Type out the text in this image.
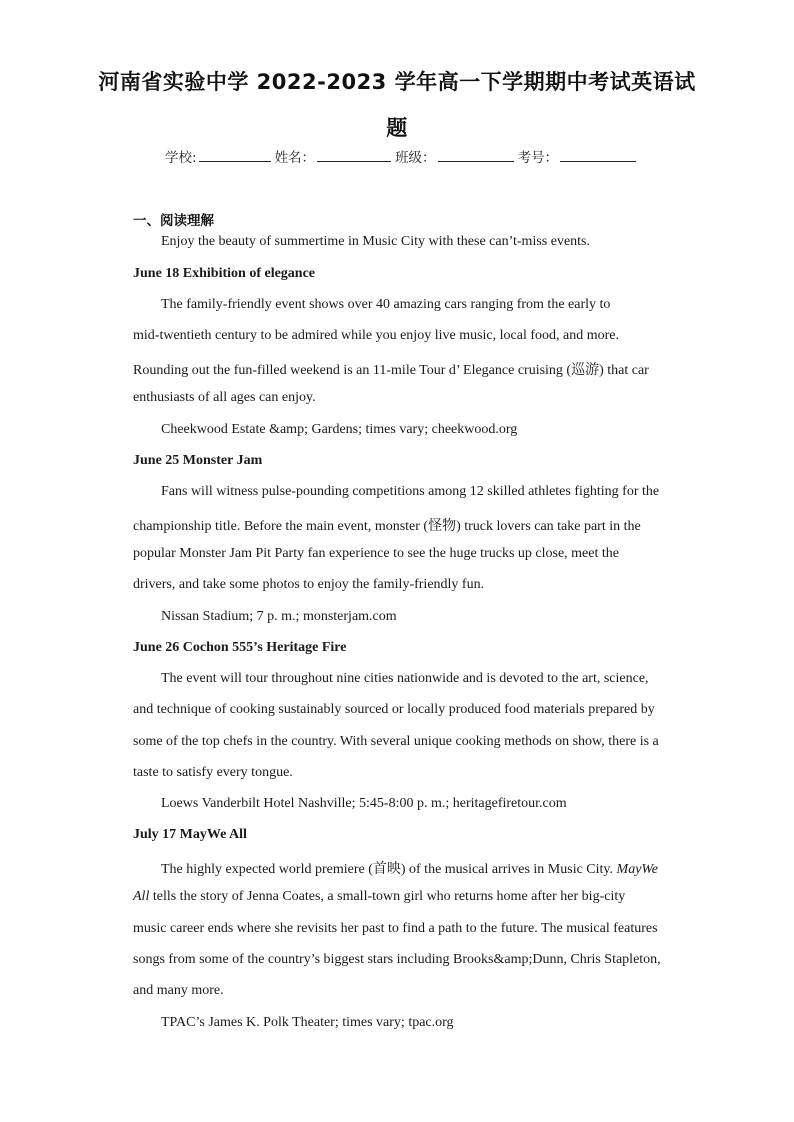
河南省实验中学 2022-2023 学年高一下学期期中考试英语试
题
学校:	姓名：	班级：	考号：
一、阅读理解
Enjoy the beauty of summertime in Music City with these can’t-miss events.
June 18 Exhibition of elegance
The family-friendly event shows over 40 amazing cars ranging from the early to
mid-twentieth century to be admired while you enjoy live music, local food, and more.
Rounding out the fun-filled weekend is an 11-mile Tour d’ Elegance cruising (巡游) that car
enthusiasts of all ages can enjoy.
Cheekwood Estate &amp; Gardens; times vary; cheekwood.org
June 25 Monster Jam
Fans will witness pulse-pounding competitions among 12 skilled athletes fighting for the
championship title. Before the main event, monster (怪物) truck lovers can take part in the
popular Monster Jam Pit Party fan experience to see the huge trucks up close, meet the
drivers, and take some photos to enjoy the family-friendly fun.
Nissan Stadium; 7 p. m.; monsterjam.com
June 26 Cochon 555’s Heritage Fire
The event will tour throughout nine cities nationwide and is devoted to the art, science,
and technique of cooking sustainably sourced or locally produced food materials prepared by
some of the top chefs in the country. With several unique cooking methods on show, there is a
taste to satisfy every tongue.
Loews Vanderbilt Hotel Nashville; 5:45-8:00 p. m.; heritagefiretour.com
July 17 MayWe All
The highly expected world premiere (首映) of the musical arrives in Music City. MayWe
All tells the story of Jenna Coates, a small-town girl who returns home after her big-city
music career ends where she revisits her past to find a path to the future. The musical features
songs from some of the country’s biggest stars including Brooks&amp;Dunn, Chris Stapleton,
and many more.
TPAC’s James K. Polk Theater; times vary; tpac.org
